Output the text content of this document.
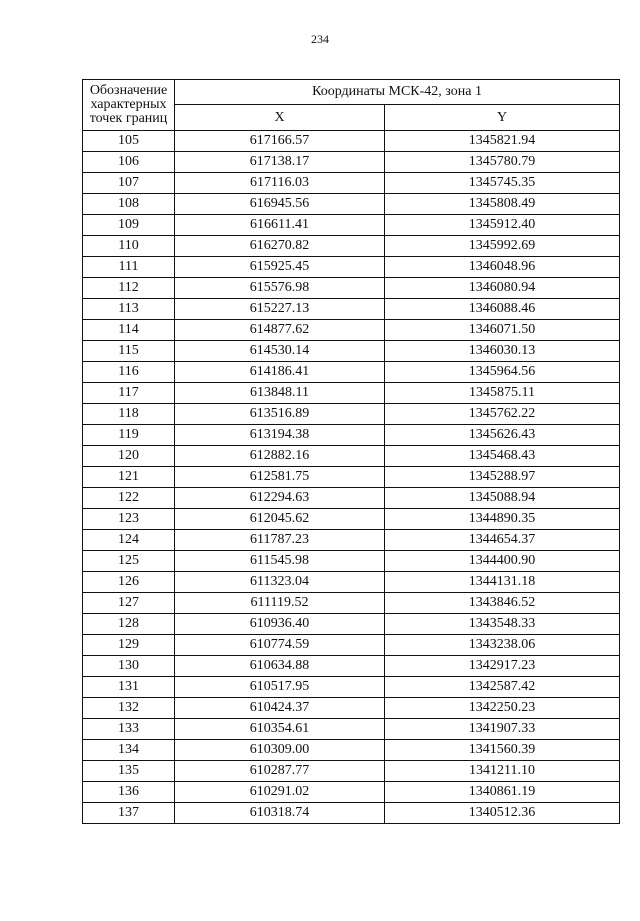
234
Обозначение характерных точек границ	Координаты МСК-42, зона 1	
	X	Y
105	617166.57	1345821.94
106	617138.17	1345780.79
107	617116.03	1345745.35
108	616945.56	1345808.49
109	616611.41	1345912.40
110	616270.82	1345992.69
111	615925.45	1346048.96
112	615576.98	1346080.94
113	615227.13	1346088.46
114	614877.62	1346071.50
115	614530.14	1346030.13
116	614186.41	1345964.56
117	613848.11	1345875.11
118	613516.89	1345762.22
119	613194.38	1345626.43
120	612882.16	1345468.43
121	612581.75	1345288.97
122	612294.63	1345088.94
123	612045.62	1344890.35
124	611787.23	1344654.37
125	611545.98	1344400.90
126	611323.04	1344131.18
127	611119.52	1343846.52
128	610936.40	1343548.33
129	610774.59	1343238.06
130	610634.88	1342917.23
131	610517.95	1342587.42
132	610424.37	1342250.23
133	610354.61	1341907.33
134	610309.00	1341560.39
135	610287.77	1341211.10
136	610291.02	1340861.19
137	610318.74	1340512.36
